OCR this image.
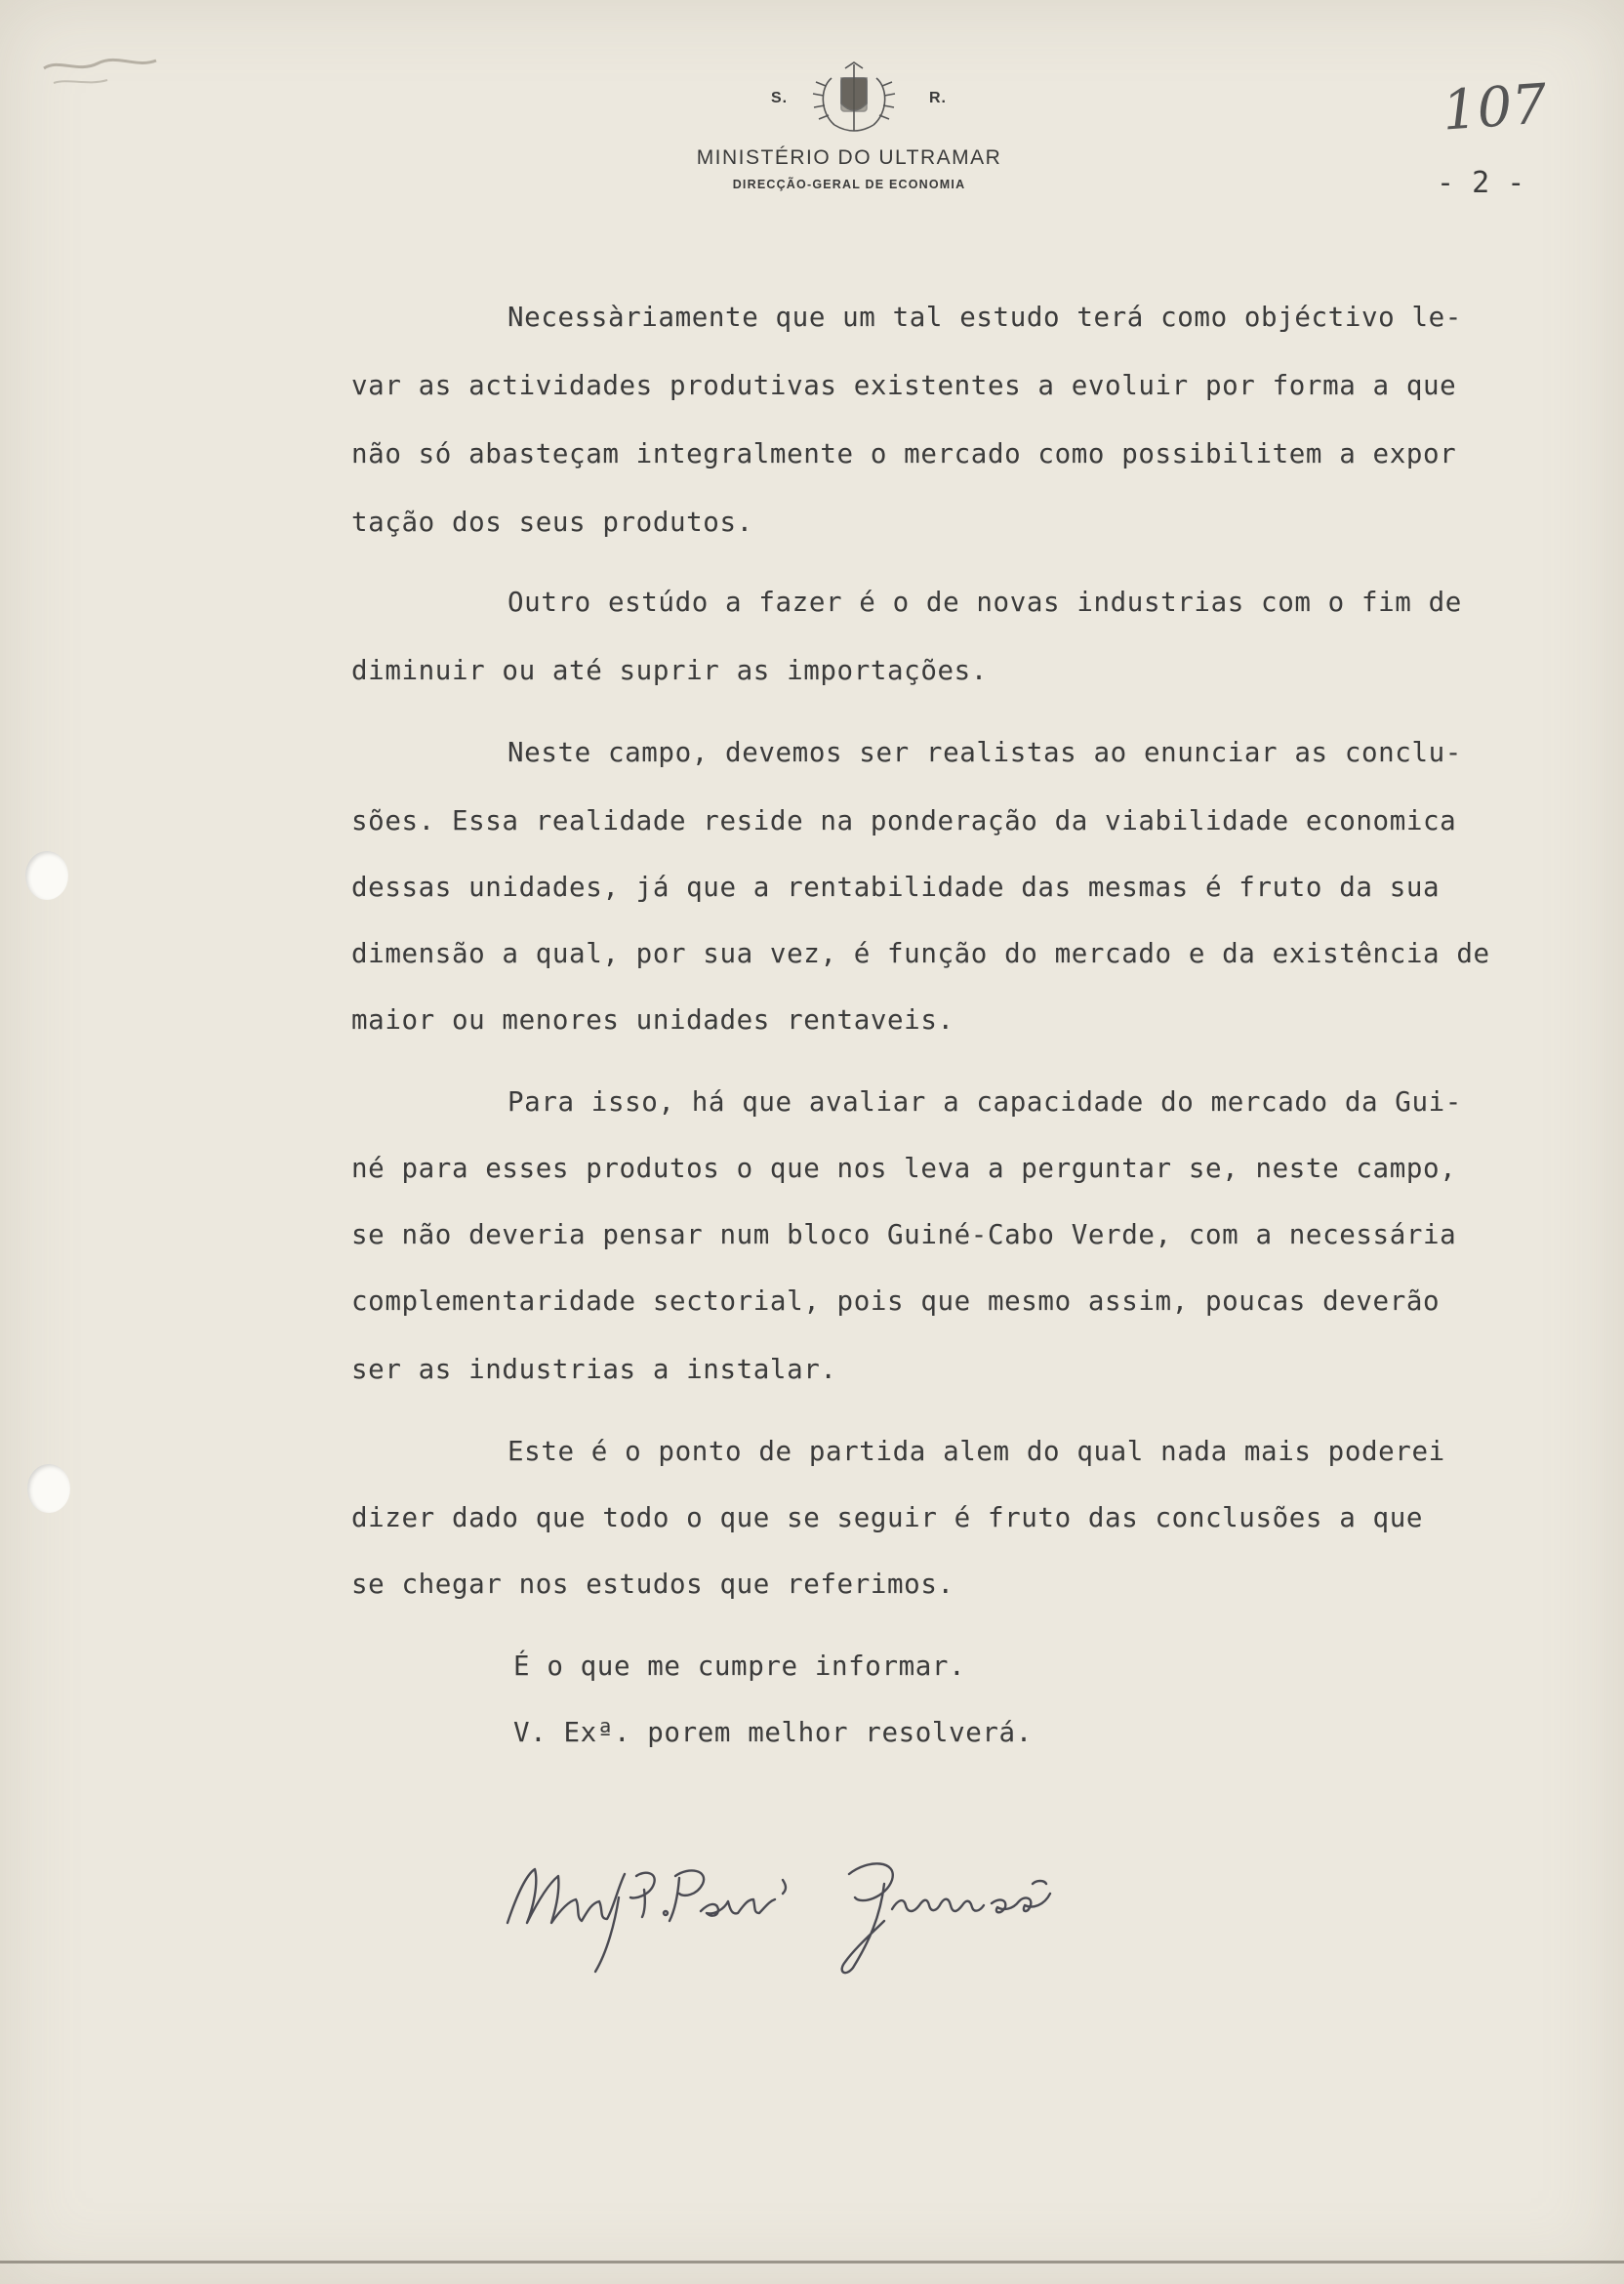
S.	R.
MINISTÉRIO DO ULTRAMAR
DIRECÇÃO-GERAL DE ECONOMIA
107
- 2 -
Necessàriamente que um tal estudo terá como objéctivo le-
var as actividades produtivas existentes a evoluir por forma a que
não só abasteçam integralmente o mercado como possibilitem a expor
tação dos seus produtos.
Outro estúdo a fazer é o de novas industrias com o fim de
diminuir ou até suprir as importações.
Neste campo, devemos ser realistas ao enunciar as conclu-
sões. Essa realidade reside na ponderação da viabilidade economica
dessas unidades, já que a rentabilidade das mesmas é fruto da sua
dimensão a qual, por sua vez, é função do mercado e da existência de
maior ou menores unidades rentaveis.
Para isso, há que avaliar a capacidade do mercado da Gui-
né para esses produtos o que nos leva a perguntar se, neste campo,
se não deveria pensar num bloco Guiné-Cabo Verde, com a necessária
complementaridade sectorial, pois que mesmo assim, poucas deverão
ser as industrias a instalar.
Este é o ponto de partida alem do qual nada mais poderei
dizer dado que todo o que se seguir é fruto das conclusões a que
se chegar nos estudos que referimos.
É o que me cumpre informar.
V. Exª. porem melhor resolverá.
